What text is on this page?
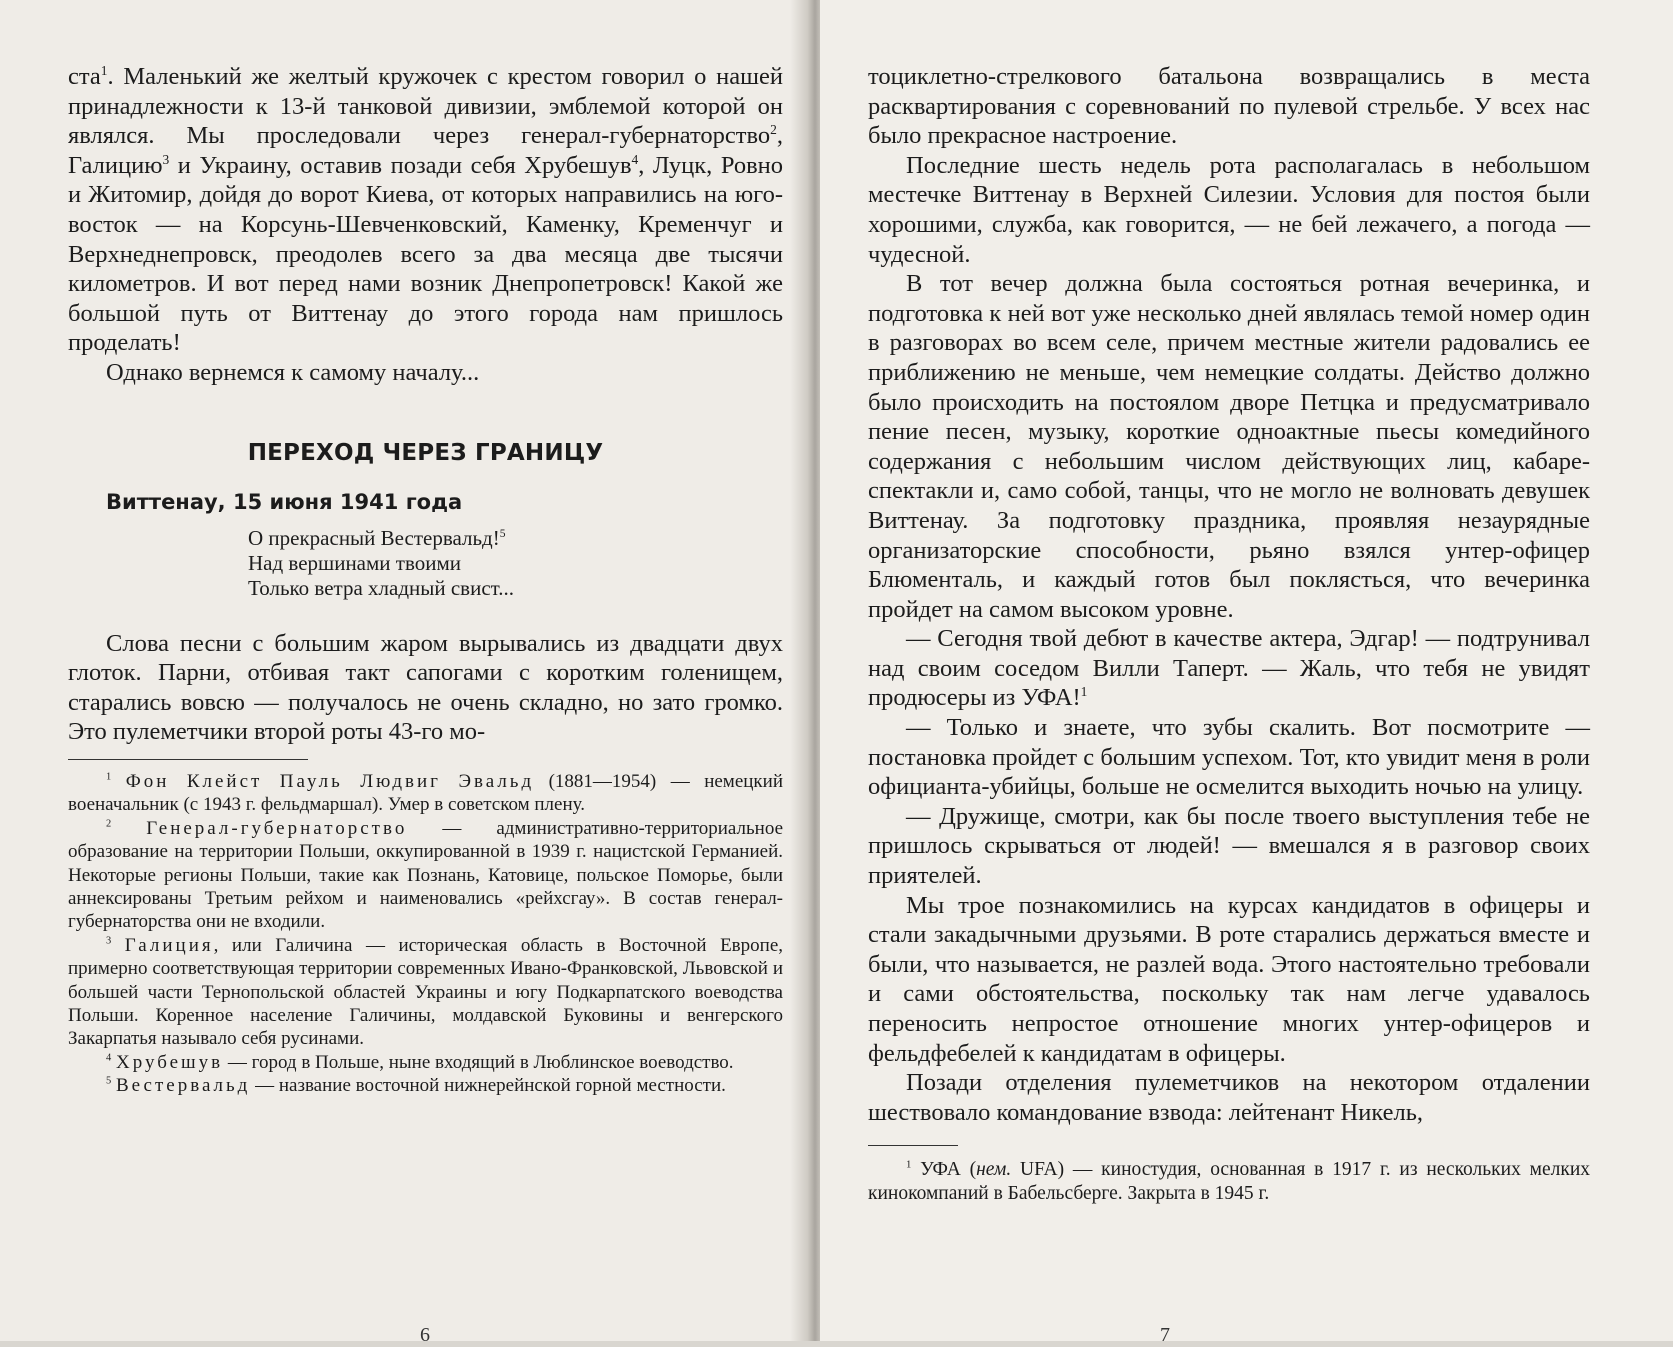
ста$^1$. Маленький же желтый кружочек с крестом говорил о нашей принадлежности к 13-й танковой дивизии, эмблемой которой он являлся. Мы проследовали через генерал-губернаторство$^2$, Галицию$^3$ и Украину, оставив позади себя Хрубешув$^4$, Луцк, Ровно и Житомир, дойдя до ворот Киева, от которых направились на юго-восток — на Корсунь-Шевченковский, Каменку, Кременчуг и Верхнеднепровск, преодолев всего за два месяца две тысячи километров. И вот перед нами возник Днепропетровск! Какой же большой путь от Виттенау до этого города нам пришлось проделать!

Однако вернемся к самому началу...

ПЕРЕХОД ЧЕРЕЗ ГРАНИЦУ
Виттенау, 15 июня 1941 года
О прекрасный Вестервальд!$^5$
Над вершинами твоими
Только ветра хладный свист...

Слова песни с большим жаром вырывались из двадцати двух глоток. Парни, отбивая такт сапогами с коротким голенищем, старались вовсю — получалось не очень складно, но зато громко. Это пулеметчики второй роты 43-го мо-

$^1$ Фон Клейст Пауль Людвиг Эвальд (1881—1954) — немецкий военачальник (с 1943 г. фельдмаршал). Умер в советском плену.

$^2$ Генерал-губернаторство — административно-территориальное образование на территории Польши, оккупированной в 1939 г. нацистской Германией. Некоторые регионы Польши, такие как Познань, Катовице, польское Поморье, были аннексированы Третьим рейхом и наименовались «рейхсгау». В состав генерал-губернаторства они не входили.

$^3$ Галиция, или Галичина — историческая область в Восточной Европе, примерно соответствующая территории современных Ивано-Франковской, Львовской и большей части Тернопольской областей Украины и югу Подкарпатского воеводства Польши. Коренное население Галичины, молдавской Буковины и венгерского Закарпатья называло себя русинами.

$^4$ Хрубешув — город в Польше, ныне входящий в Люблинское воеводство.

$^5$ Вестервальд — название восточной нижнерейнской горной местности.

6

тоциклетно-стрелкового батальона возвращались в места расквартирования с соревнований по пулевой стрельбе. У всех нас было прекрасное настроение.

Последние шесть недель рота располагалась в небольшом местечке Виттенау в Верхней Силезии. Условия для постоя были хорошими, служба, как говорится, — не бей лежачего, а погода — чудесной.

В тот вечер должна была состояться ротная вечеринка, и подготовка к ней вот уже несколько дней являлась темой номер один в разговорах во всем селе, причем местные жители радовались ее приближению не меньше, чем немецкие солдаты. Действо должно было происходить на постоялом дворе Петцка и предусматривало пение песен, музыку, короткие одноактные пьесы комедийного содержания с небольшим числом действующих лиц, кабаре-спектакли и, само собой, танцы, что не могло не волновать девушек Виттенау. За подготовку праздника, проявляя незаурядные организаторские способности, рьяно взялся унтер-офицер Блюменталь, и каждый готов был поклясться, что вечеринка пройдет на самом высоком уровне.

— Сегодня твой дебют в качестве актера, Эдгар! — подтрунивал над своим соседом Вилли Таперт. — Жаль, что тебя не увидят продюсеры из УФА!$^1$

— Только и знаете, что зубы скалить. Вот посмотрите — постановка пройдет с большим успехом. Тот, кто увидит меня в роли официанта-убийцы, больше не осмелится выходить ночью на улицу.

— Дружище, смотри, как бы после твоего выступления тебе не пришлось скрываться от людей! — вмешался я в разговор своих приятелей.

Мы трое познакомились на курсах кандидатов в офицеры и стали закадычными друзьями. В роте старались держаться вместе и были, что называется, не разлей вода. Этого настоятельно требовали и сами обстоятельства, поскольку так нам легче удавалось переносить непростое отношение многих унтер-офицеров и фельдфебелей к кандидатам в офицеры.

Позади отделения пулеметчиков на некотором отдалении шествовало командование взвода: лейтенант Никель,

$^1$ УФА (нем. UFA) — киностудия, основанная в 1917 г. из нескольких мелких кинокомпаний в Бабельсберге. Закрыта в 1945 г.

7
